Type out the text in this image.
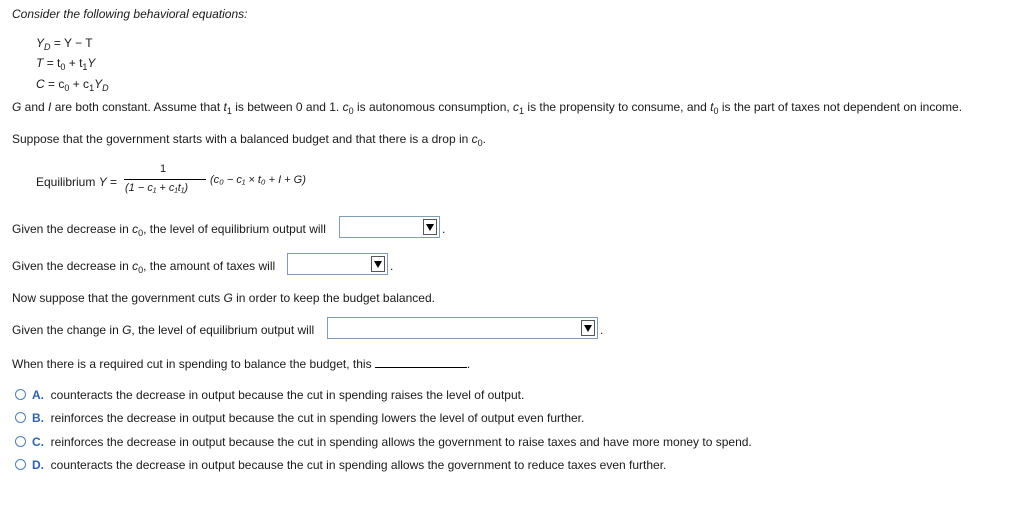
Consider the following behavioral equations:
$Y_D = Y - T$
$T = t_0 + t_1Y$
$C = c_0 + c_1Y_D$
G and I are both constant. Assume that $t_1$ is between 0 and 1. $c_0$ is autonomous consumption, $c_1$ is the propensity to consume, and $t_0$ is the part of taxes not dependent on income.
Suppose that the government starts with a balanced budget and that there is a drop in $c_0$.
Equilibrium Y =
1
(1 − c₁ + c₁t₁)
(c₀ − c₁ × t₀ + I + G)
Given the decrease in $c_0$, the level of equilibrium output will	.
Given the decrease in $c_0$, the amount of taxes will	.
Now suppose that the government cuts G in order to keep the budget balanced.
Given the change in G, the level of equilibrium output will	.
When there is a required cut in spending to balance the budget, this	.
A. counteracts the decrease in output because the cut in spending raises the level of output.
B. reinforces the decrease in output because the cut in spending lowers the level of output even further.
C. reinforces the decrease in output because the cut in spending allows the government to raise taxes and have more money to spend.
D. counteracts the decrease in output because the cut in spending allows the government to reduce taxes even further.
